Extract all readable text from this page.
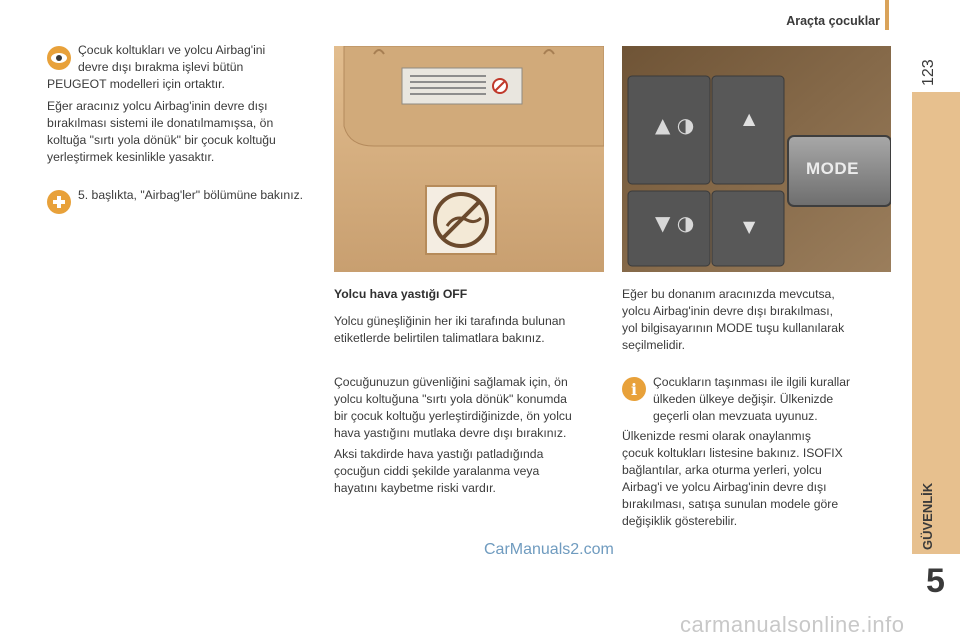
Araçta çocuklar
123
GÜVENLİK
5
Çocuk koltukları ve yolcu Airbag'ini
devre dışı bırakma işlevi bütün
PEUGEOT modelleri için ortaktır.
Eğer aracınız yolcu Airbag'inin devre dışı
bırakılması sistemi ile donatılmamışsa, ön
koltuğa "sırtı yola dönük" bir çocuk koltuğu
yerleştirmek kesinlikle yasaktır.
5. başlıkta, "Airbag'ler" bölümüne bakınız.
▲ ◑
▼ ◑
▲
▼
MODE
Yolcu hava yastığı OFF
Yolcu güneşliğinin her iki tarafında bulunan
etiketlerde belirtilen talimatlara bakınız.
Çocuğunuzun güvenliğini sağlamak için, ön
yolcu koltuğuna "sırtı yola dönük" konumda
bir çocuk koltuğu yerleştirdiğinizde, ön yolcu
hava yastığını mutlaka devre dışı bırakınız.
Aksi takdirde hava yastığı patladığında
çocuğun ciddi şekilde yaralanma veya
hayatını kaybetme riski vardır.
Eğer bu donanım aracınızda mevcutsa,
yolcu Airbag'inin devre dışı bırakılması,
yol bilgisayarının MODE tuşu kullanılarak
seçilmelidir.
i Çocukların taşınması ile ilgili kurallar
ülkeden ülkeye değişir. Ülkenizde
geçerli olan mevzuata uyunuz.
Ülkenizde resmi olarak onaylanmış
çocuk koltukları listesine bakınız. ISOFIX
bağlantılar, arka oturma yerleri, yolcu
Airbag'i ve yolcu Airbag'inin devre dışı
bırakılması, satışa sunulan modele göre
değişiklik gösterebilir.
CarManuals2.com
carmanualsonline.info
